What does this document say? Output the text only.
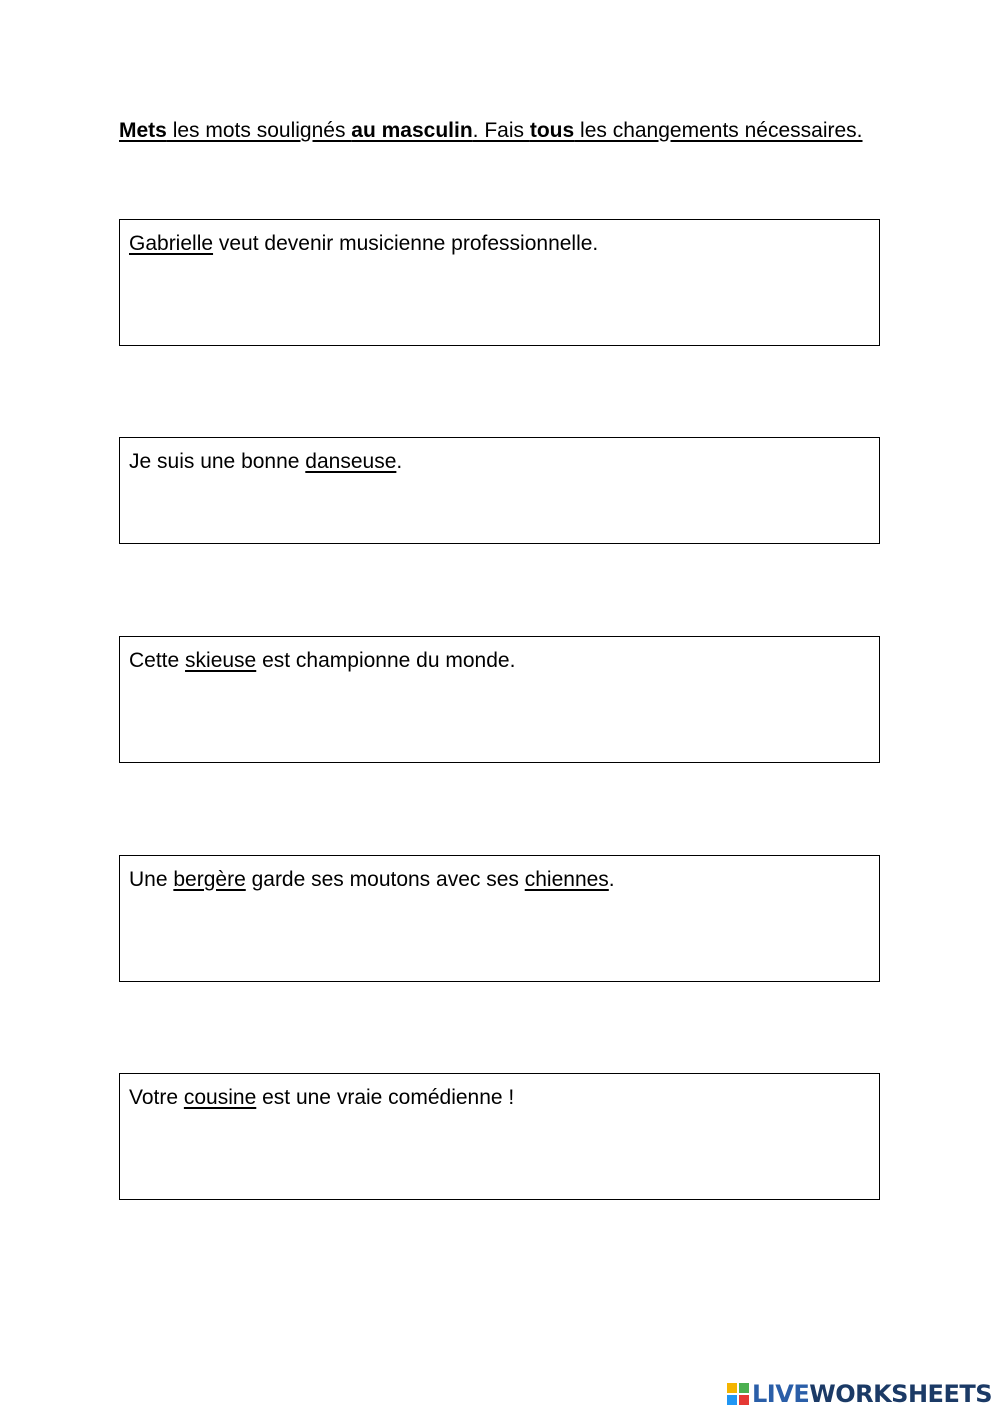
Mets les mots soulignés au masculin. Fais tous les changements nécessaires.
Gabrielle veut devenir musicienne professionnelle.
Je suis une bonne danseuse.
Cette skieuse est championne du monde.
Une bergère garde ses moutons avec ses chiennes.
Votre cousine est une vraie comédienne !
LIVEWORKSHEETS
